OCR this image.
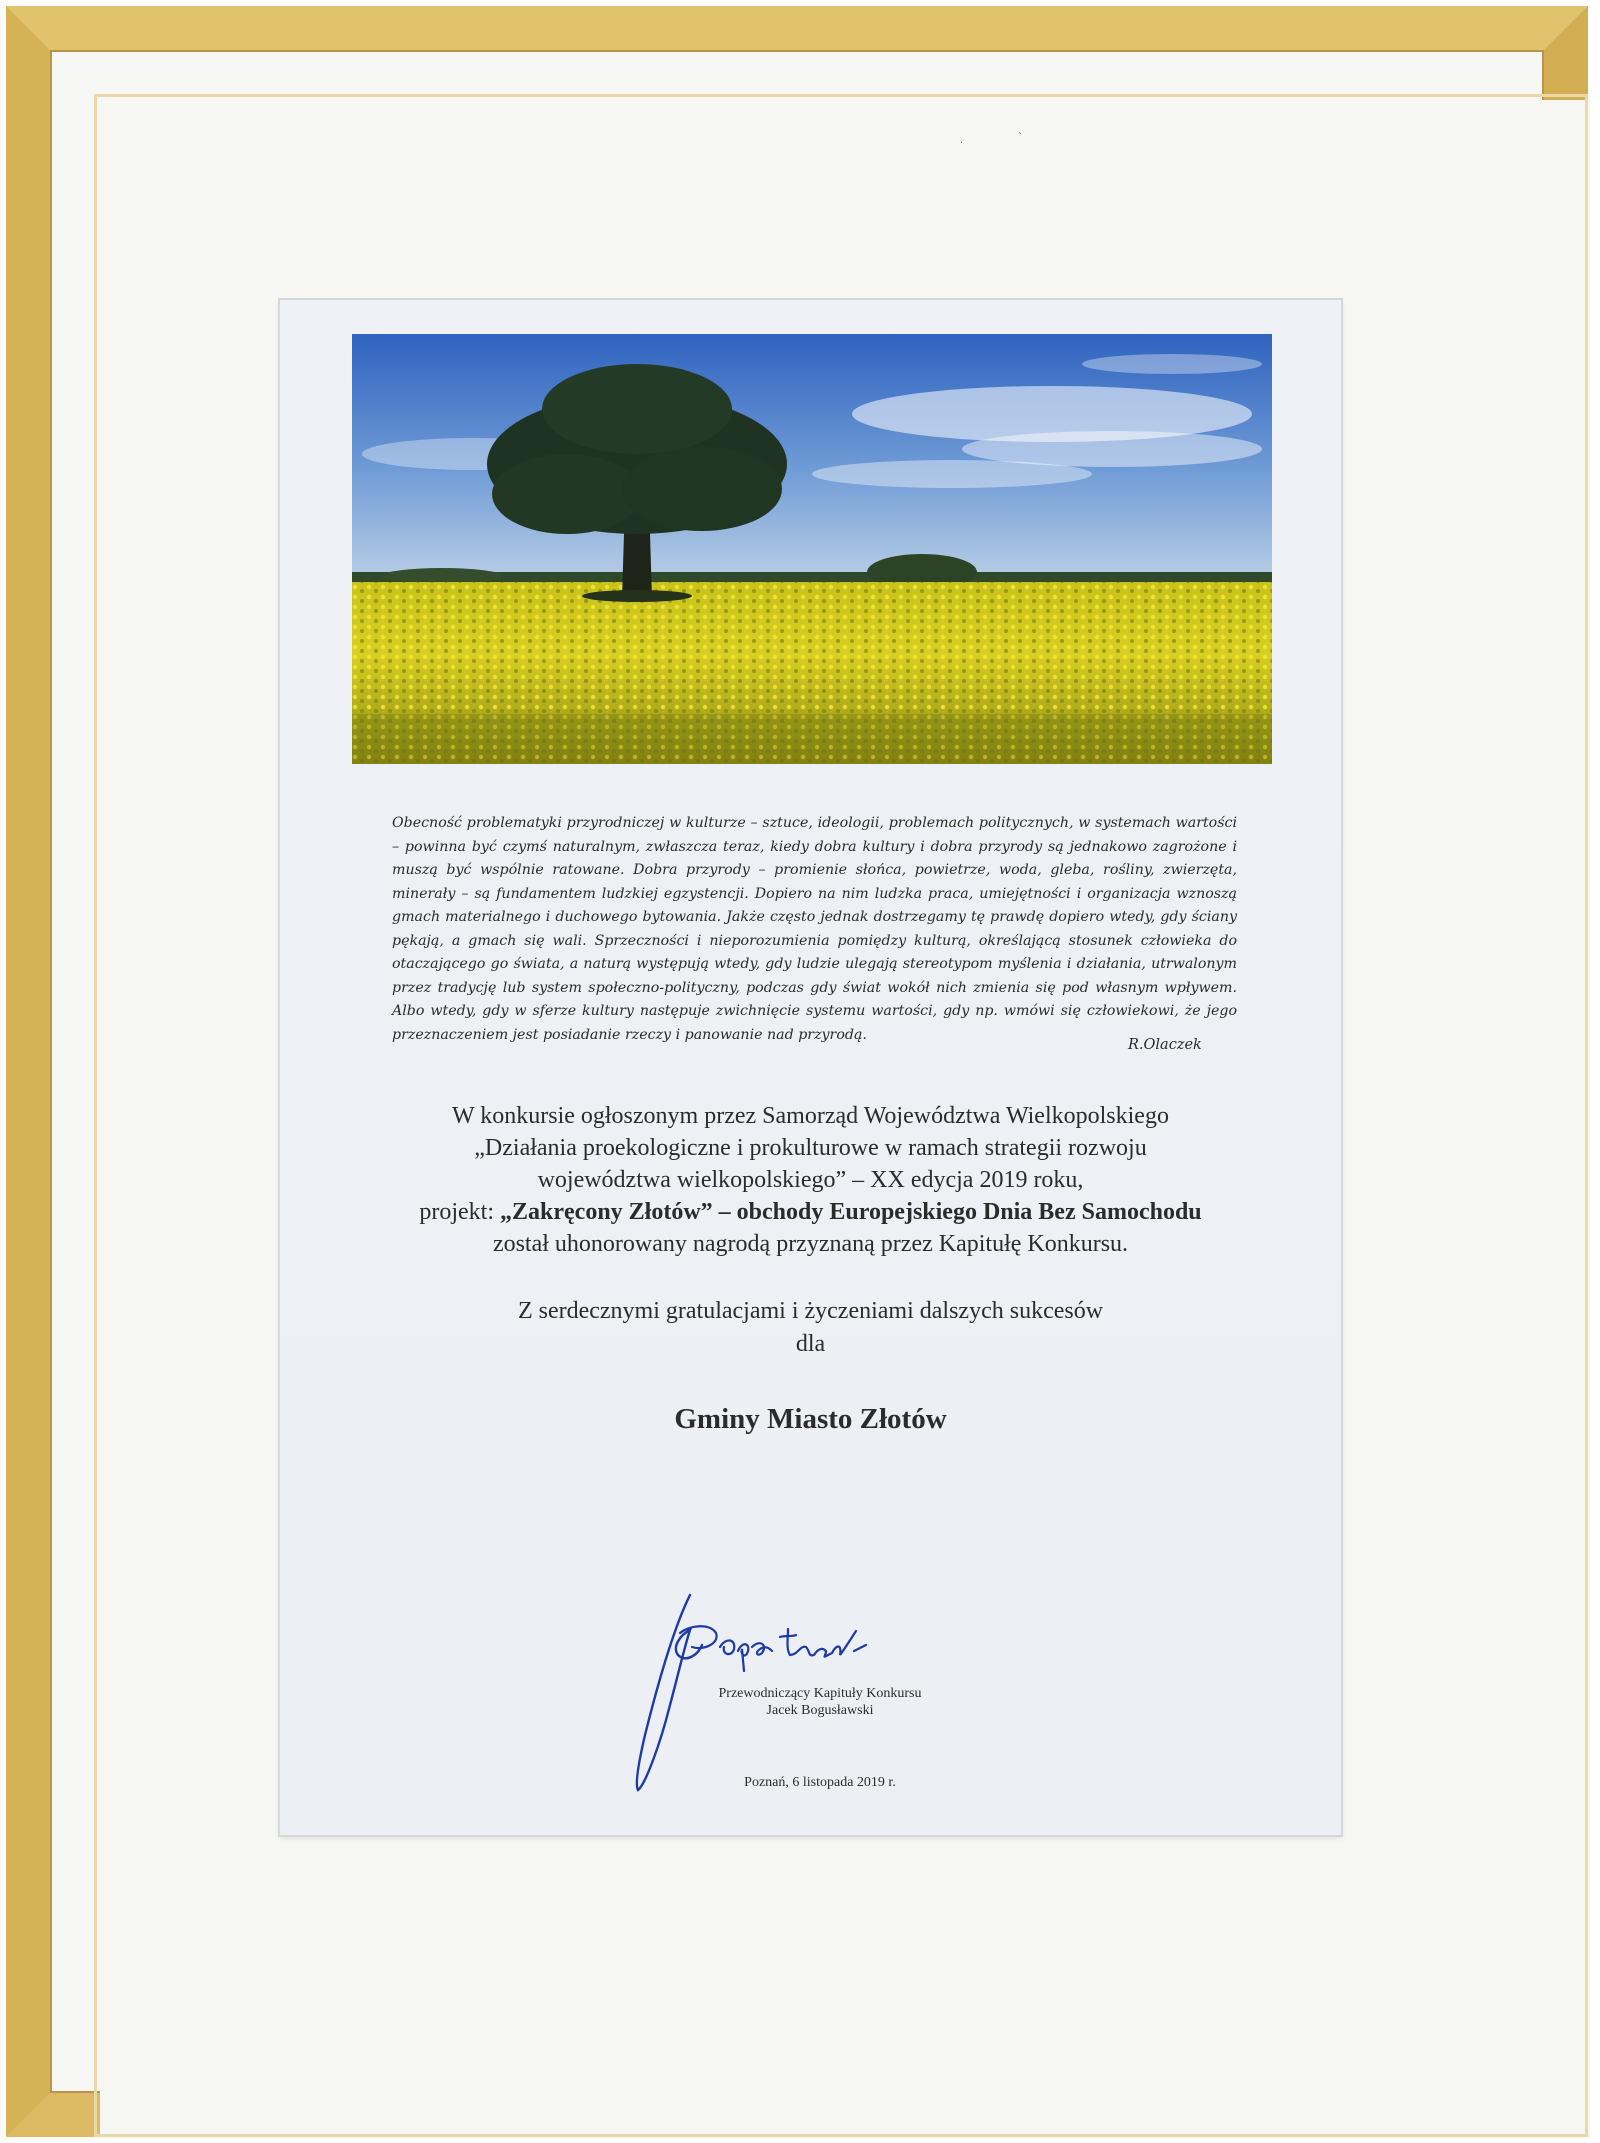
·
ˋ
Obecność problematyki przyrodniczej w kulturze – sztuce, ideologii, problemach politycznych, w systemach wartości – powinna być czymś naturalnym, zwłaszcza teraz, kiedy dobra kultury i dobra przyrody są jednakowo zagrożone i muszą być wspólnie ratowane. Dobra przyrody – promienie słońca, powietrze, woda, gleba, rośliny, zwierzęta, minerały – są fundamentem ludzkiej egzystencji. Dopiero na nim ludzka praca, umiejętności i organizacja wznoszą gmach materialnego i duchowego bytowania. Jakże często jednak dostrzegamy tę prawdę dopiero wtedy, gdy ściany pękają, a gmach się wali. Sprzeczności i nieporozumienia pomiędzy kulturą, określającą stosunek człowieka do otaczającego go świata, a naturą występują wtedy, gdy ludzie ulegają stereotypom myślenia i działania, utrwalonym przez tradycję lub system społeczno-polityczny, podczas gdy świat wokół nich zmienia się pod własnym wpływem. Albo wtedy, gdy w sferze kultury następuje zwichnięcie systemu wartości, gdy np. wmówi się człowiekowi, że jego przeznaczeniem jest posiadanie rzeczy i panowanie nad przyrodą.
R.Olaczek
W konkursie ogłoszonym przez Samorząd Województwa Wielkopolskiego
„Działania proekologiczne i prokulturowe w ramach strategii rozwoju
województwa wielkopolskiego” – XX edycja 2019 roku,
projekt: „Zakręcony Złotów” – obchody Europejskiego Dnia Bez Samochodu
został uhonorowany nagrodą przyznaną przez Kapitułę Konkursu.
Z serdecznymi gratulacjami i życzeniami dalszych sukcesów
dla
Gminy Miasto Złotów
Przewodniczący Kapituły Konkursu
Jacek Bogusławski
Poznań, 6 listopada 2019 r.
